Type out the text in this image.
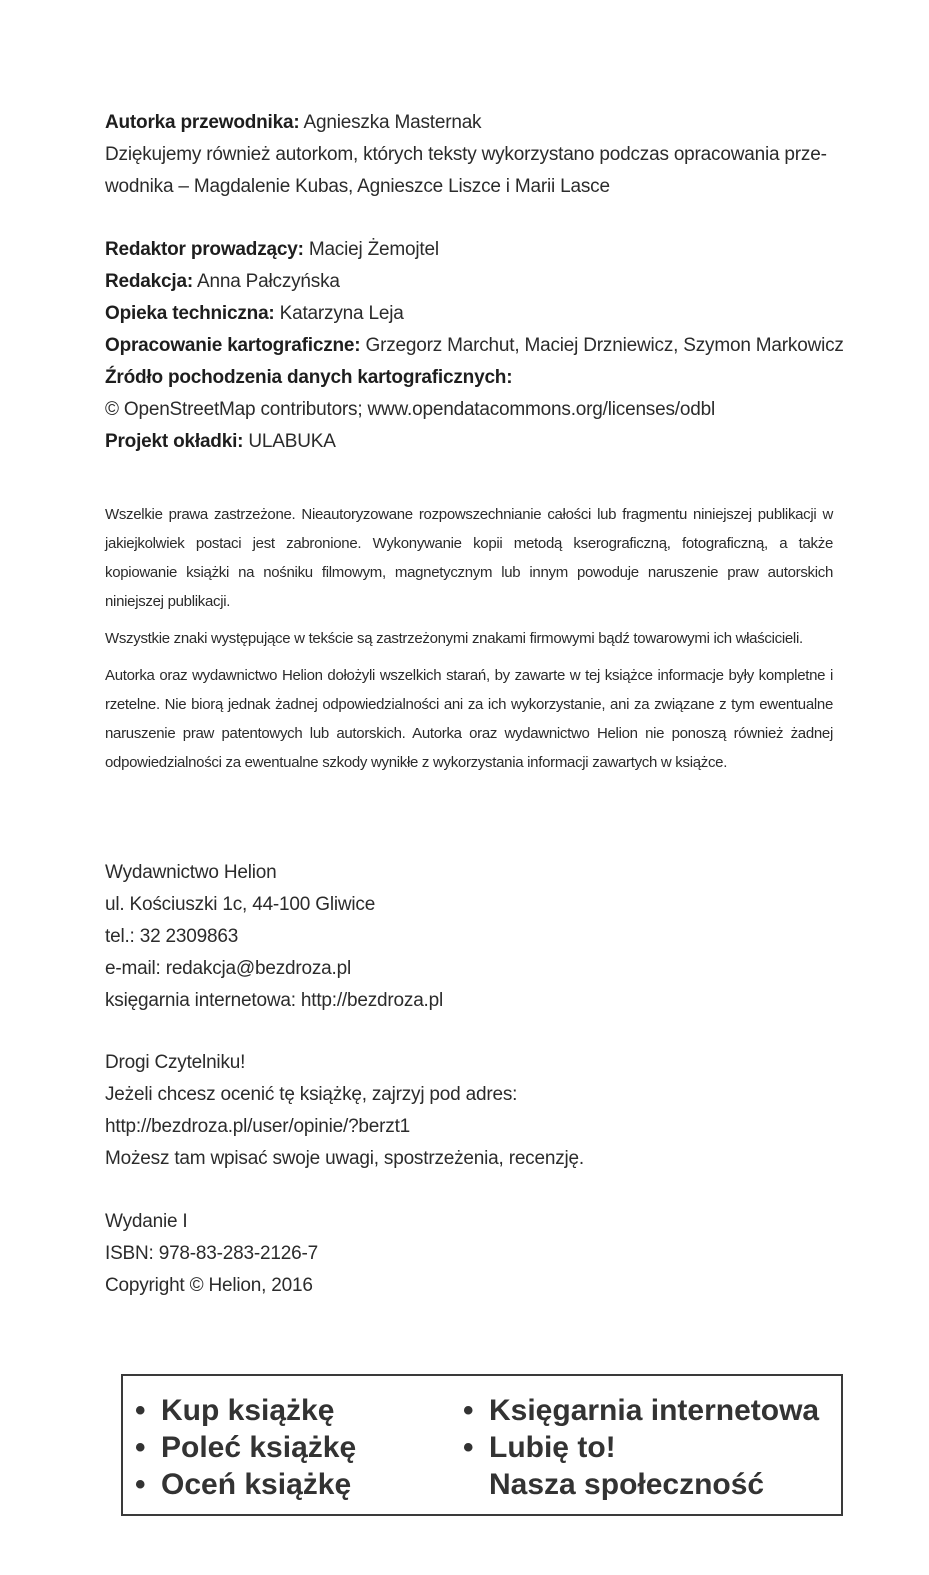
Autorka przewodnika: Agnieszka Masternak
Dziękujemy również autorkom, których teksty wykorzystano podczas opracowania prze-
wodnika – Magdalenie Kubas, Agnieszce Liszce i Marii Lasce
Redaktor prowadzący: Maciej Żemojtel
Redakcja: Anna Pałczyńska
Opieka techniczna: Katarzyna Leja
Opracowanie kartograficzne: Grzegorz Marchut, Maciej Drzniewicz, Szymon Markowicz
Źródło pochodzenia danych kartograficznych:
© OpenStreetMap contributors; www.opendatacommons.org/licenses/odbl
Projekt okładki: ULABUKA

Wszelkie prawa zastrzeżone. Nieautoryzowane rozpowszechnianie całości lub fragmentu niniejszej publikacji w jakiejkolwiek postaci jest zabronione. Wykonywanie kopii metodą kserograficzną, fotograficzną, a także kopiowanie książki na nośniku filmowym, magnetycznym lub innym powoduje naruszenie praw autorskich niniejszej publikacji.

Wszystkie znaki występujące w tekście są zastrzeżonymi znakami firmowymi bądź towarowymi ich właścicieli.

Autorka oraz wydawnictwo Helion dołożyli wszelkich starań, by zawarte w tej książce informacje były kompletne i rzetelne. Nie biorą jednak żadnej odpowiedzialności ani za ich wykorzystanie, ani za związane z tym ewentualne naruszenie praw patentowych lub autorskich. Autorka oraz wydawnictwo Helion nie ponoszą również żadnej odpowiedzialności za ewentualne szkody wynikłe z wykorzystania informacji zawartych w książce.

Wydawnictwo Helion
ul. Kościuszki 1c, 44-100 Gliwice
tel.: 32 2309863
e-mail: redakcja@bezdroza.pl
księgarnia internetowa: http://bezdroza.pl
Drogi Czytelniku!
Jeżeli chcesz ocenić tę książkę, zajrzyj pod adres:
http://bezdroza.pl/user/opinie/?berzt1
Możesz tam wpisać swoje uwagi, spostrzeżenia, recenzję.
Wydanie I
ISBN: 978-83-283-2126-7
Copyright © Helion, 2016
• Kup książkę
• Poleć książkę
• Oceń książkę
• Księgarnia internetowa
• Lubię to!
Nasza społeczność
